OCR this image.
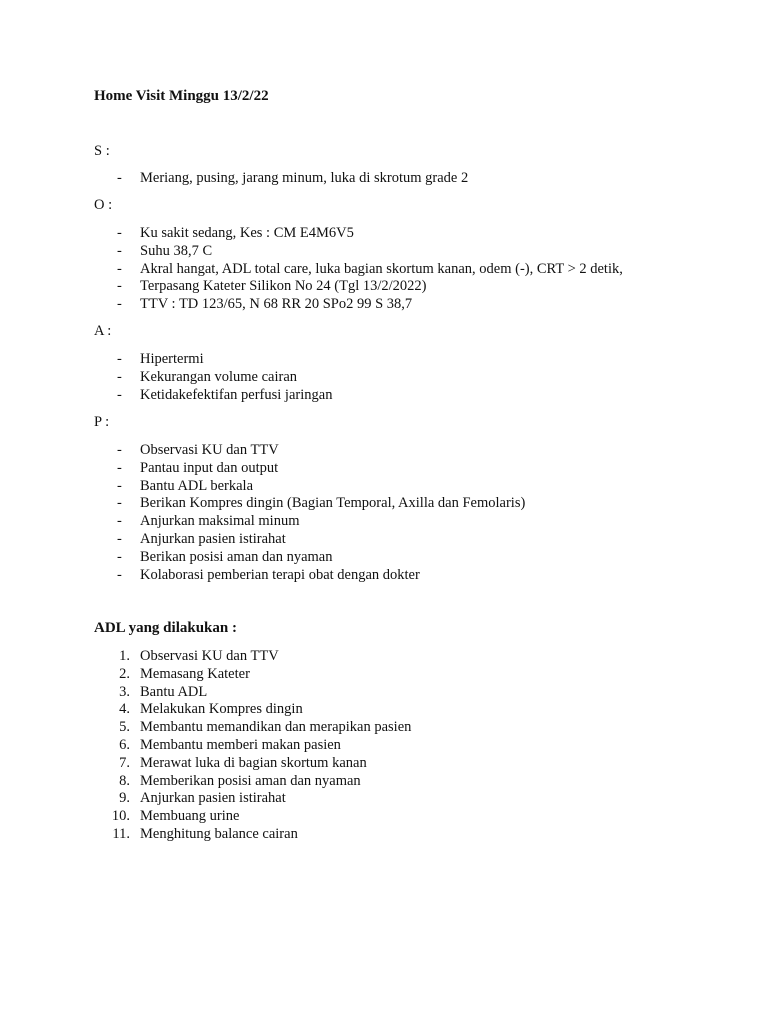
Home Visit Minggu 13/2/22
S :
-	Meriang, pusing, jarang minum, luka di skrotum grade 2
O :
-	Ku sakit sedang, Kes : CM E4M6V5
-	Suhu 38,7 C
-	Akral hangat, ADL total care, luka bagian skortum kanan, odem (-), CRT > 2 detik,
-	Terpasang Kateter Silikon No 24 (Tgl 13/2/2022)
-	TTV : TD 123/65, N 68 RR 20 SPo2 99 S 38,7
A :
-	Hipertermi
-	Kekurangan volume cairan
-	Ketidakefektifan perfusi jaringan
P :
-	Observasi KU dan TTV
-	Pantau input dan output
-	Bantu ADL berkala
-	Berikan Kompres dingin (Bagian Temporal, Axilla dan Femolaris)
-	Anjurkan maksimal minum
-	Anjurkan pasien istirahat
-	Berikan posisi aman dan nyaman
-	Kolaborasi pemberian terapi obat dengan dokter
ADL yang dilakukan :
1. Observasi KU dan TTV
2. Memasang Kateter
3. Bantu ADL
4. Melakukan Kompres dingin
5. Membantu memandikan dan merapikan pasien
6. Membantu memberi makan pasien
7. Merawat luka di bagian skortum kanan
8. Memberikan posisi aman dan nyaman
9. Anjurkan pasien istirahat
10. Membuang urine
11. Menghitung balance cairan
